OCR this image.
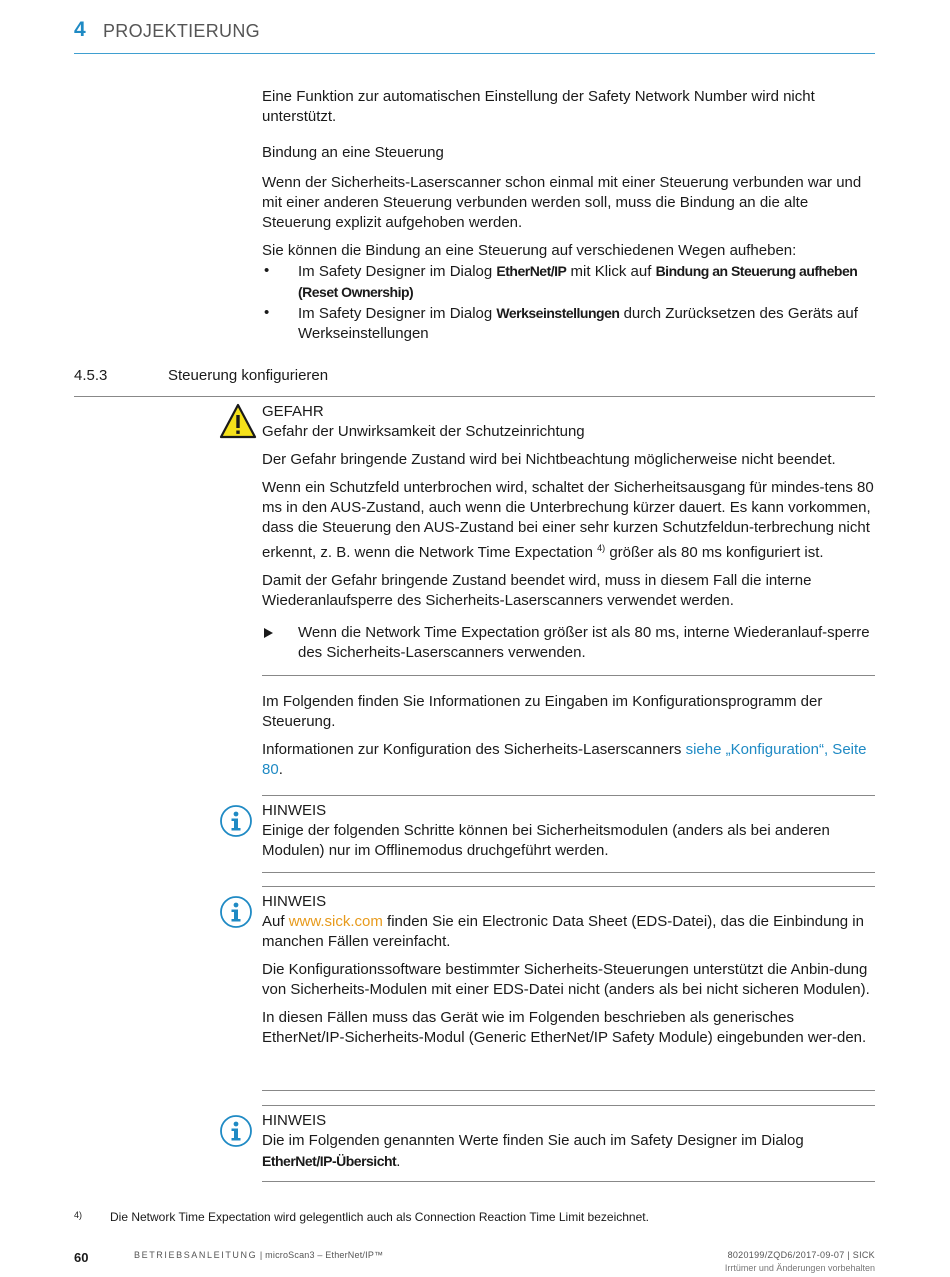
4 PROJEKTIERUNG

Eine Funktion zur automatischen Einstellung der Safety Network Number wird nicht unterstützt.

Bindung an eine Steuerung

Wenn der Sicherheits-Laserscanner schon einmal mit einer Steuerung verbunden war und mit einer anderen Steuerung verbunden werden soll, muss die Bindung an die alte Steuerung explizit aufgehoben werden.

Sie können die Bindung an eine Steuerung auf verschiedenen Wegen aufheben:

• Im Safety Designer im Dialog EtherNet/IP mit Klick auf Bindung an Steuerung aufheben (Reset Ownership)
• Im Safety Designer im Dialog Werkseinstellungen durch Zurücksetzen des Geräts auf Werkseinstellungen
4.5.3	Steuerung konfigurieren

GEFAHR

Gefahr der Unwirksamkeit der Schutzeinrichtung

Der Gefahr bringende Zustand wird bei Nichtbeachtung möglicherweise nicht beendet.

Wenn ein Schutzfeld unterbrochen wird, schaltet der Sicherheitsausgang für mindes-tens 80 ms in den AUS-Zustand, auch wenn die Unterbrechung kürzer dauert. Es kann vorkommen, dass die Steuerung den AUS-Zustand bei einer sehr kurzen Schutzfeldun-terbrechung nicht erkennt, z. B. wenn die Network Time Expectation $^{4)}$ größer als 80 ms konfiguriert ist.

Damit der Gefahr bringende Zustand beendet wird, muss in diesem Fall die interne Wiederanlaufsperre des Sicherheits-Laserscanners verwendet werden.

Wenn die Network Time Expectation größer ist als 80 ms, interne Wiederanlauf-sperre des Sicherheits-Laserscanners verwenden.

Im Folgenden finden Sie Informationen zu Eingaben im Konfigurationsprogramm der Steuerung.

Informationen zur Konfiguration des Sicherheits-Laserscanners siehe „Konfiguration“, Seite 80.

HINWEIS

Einige der folgenden Schritte können bei Sicherheitsmodulen (anders als bei anderen Modulen) nur im Offlinemodus druchgeführt werden.

HINWEIS

Auf www.sick.com finden Sie ein Electronic Data Sheet (EDS-Datei), das die Einbindung in manchen Fällen vereinfacht.

Die Konfigurationssoftware bestimmter Sicherheits-Steuerungen unterstützt die Anbin-dung von Sicherheits-Modulen mit einer EDS-Datei nicht (anders als bei nicht sicheren Modulen).

In diesen Fällen muss das Gerät wie im Folgenden beschrieben als generisches EtherNet/IP-Sicherheits-Modul (Generic EtherNet/IP Safety Module) eingebunden wer-den.

HINWEIS

Die im Folgenden genannten Werte finden Sie auch im Safety Designer im Dialog EtherNet/IP-Übersicht.

4) Die Network Time Expectation wird gelegentlich auch als Connection Reaction Time Limit bezeichnet.
60	BETRIEBSANLEITUNG | microScan3 – EtherNet/IP™	8020199/ZQD6/2017-09-07 | SICK
Irrtümer und Änderungen vorbehalten
